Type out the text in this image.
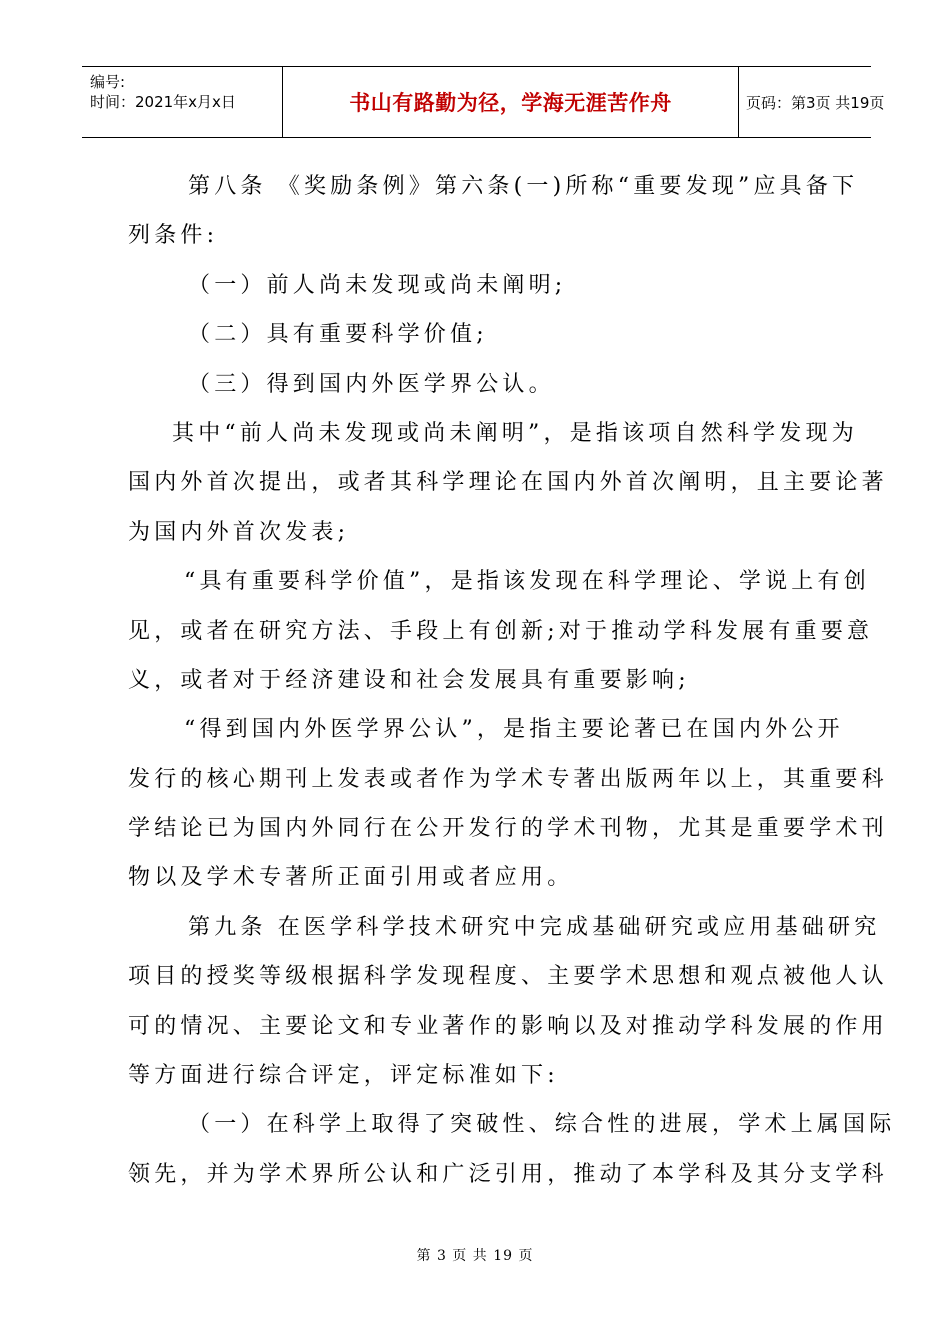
编号:
时间：2021年x月x日	书山有路勤为径，学海无涯苦作舟	页码：第3页 共19页
第八条 《奖励条例》第六条(一)所称“重要发现”应具备下
列条件:
（一）前人尚未发现或尚未阐明;
（二）具有重要科学价值;
（三）得到国内外医学界公认。
其中“前人尚未发现或尚未阐明”，是指该项自然科学发现为
国内外首次提出，或者其科学理论在国内外首次阐明，且主要论著
为国内外首次发表;
“具有重要科学价值”，是指该发现在科学理论、学说上有创
见，或者在研究方法、手段上有创新;对于推动学科发展有重要意
义，或者对于经济建设和社会发展具有重要影响;
“得到国内外医学界公认”，是指主要论著已在国内外公开
发行的核心期刊上发表或者作为学术专著出版两年以上，其重要科
学结论已为国内外同行在公开发行的学术刊物，尤其是重要学术刊
物以及学术专著所正面引用或者应用。
第九条 在医学科学技术研究中完成基础研究或应用基础研究
项目的授奖等级根据科学发现程度、主要学术思想和观点被他人认
可的情况、主要论文和专业著作的影响以及对推动学科发展的作用
等方面进行综合评定，评定标准如下:
（一）在科学上取得了突破性、综合性的进展，学术上属国际
领先，并为学术界所公认和广泛引用，推动了本学科及其分支学科
第 3 页 共 19 页
